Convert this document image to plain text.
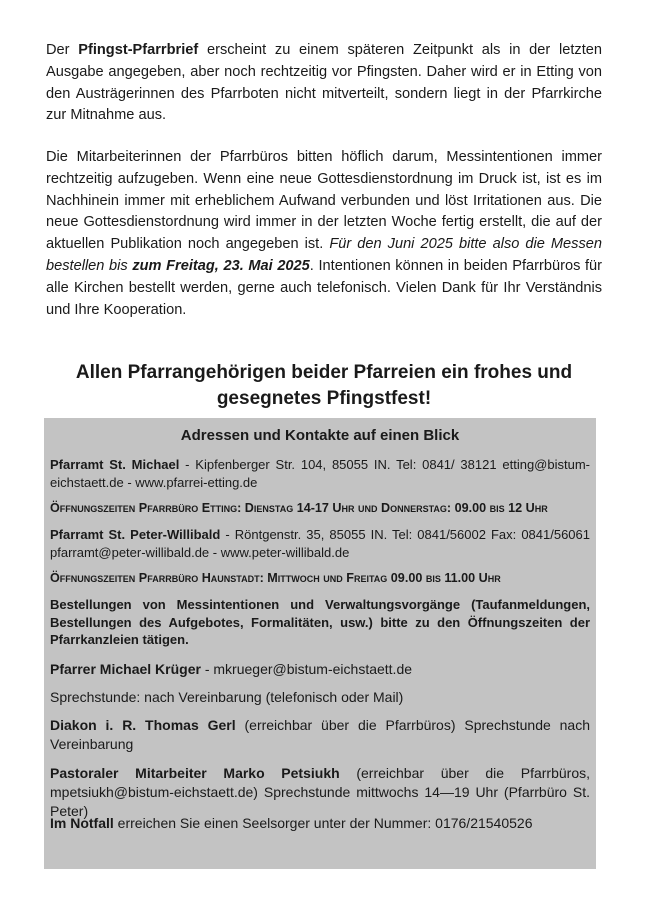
Der Pfingst-Pfarrbrief erscheint zu einem späteren Zeitpunkt als in der letzten Ausgabe angegeben, aber noch rechtzeitig vor Pfingsten. Daher wird er in Etting von den Austrägerinnen des Pfarrboten nicht mitverteilt, sondern liegt in der Pfarrkirche zur Mitnahme aus.

Die Mitarbeiterinnen der Pfarrbüros bitten höflich darum, Messintentionen immer rechtzeitig aufzugeben. Wenn eine neue Gottesdienstordnung im Druck ist, ist es im Nachhinein immer mit erheblichem Aufwand verbunden und löst Irritationen aus. Die neue Gottesdienstordnung wird immer in der letzten Woche fertig erstellt, die auf der aktuellen Publikation noch angegeben ist. Für den Juni 2025 bitte also die Messen bestellen bis zum Freitag, 23. Mai 2025. Intentionen können in beiden Pfarrbüros für alle Kirchen bestellt werden, gerne auch telefonisch. Vielen Dank für Ihr Verständnis und Ihre Kooperation.

Allen Pfarrangehörigen beider Pfarreien ein frohes und
gesegnetes Pfingstfest!
Adressen und Kontakte auf einen Blick

Pfarramt St. Michael - Kipfenberger Str. 104, 85055 IN. Tel: 0841/ 38121 etting@bistum-eichstaett.de - www.pfarrei-etting.de

Öffnungszeiten Pfarrbüro Etting: Dienstag 14-17 Uhr und Donnerstag: 09.00 bis 12 Uhr

Pfarramt St. Peter-Willibald - Röntgenstr. 35, 85055 IN. Tel: 0841/56002 Fax: 0841/56061 pfarramt@peter-willibald.de - www.peter-willibald.de

Öffnungszeiten Pfarrbüro Haunstadt: Mittwoch und Freitag 09.00 bis 11.00 Uhr

Bestellungen von Messintentionen und Verwaltungsvorgänge (Taufanmeldungen, Bestellungen des Aufgebotes, Formalitäten, usw.) bitte zu den Öffnungszeiten der Pfarrkanzleien tätigen.

Pfarrer Michael Krüger - mkrueger@bistum-eichstaett.de

Sprechstunde: nach Vereinbarung (telefonisch oder Mail)

Diakon i. R. Thomas Gerl (erreichbar über die Pfarrbüros) Sprechstunde nach Vereinbarung

Pastoraler Mitarbeiter Marko Petsiukh (erreichbar über die Pfarrbüros, mpetsiukh@bistum-eichstaett.de) Sprechstunde mittwochs 14—19 Uhr (Pfarrbüro St. Peter)

Im Notfall erreichen Sie einen Seelsorger unter der Nummer: 0176/21540526
